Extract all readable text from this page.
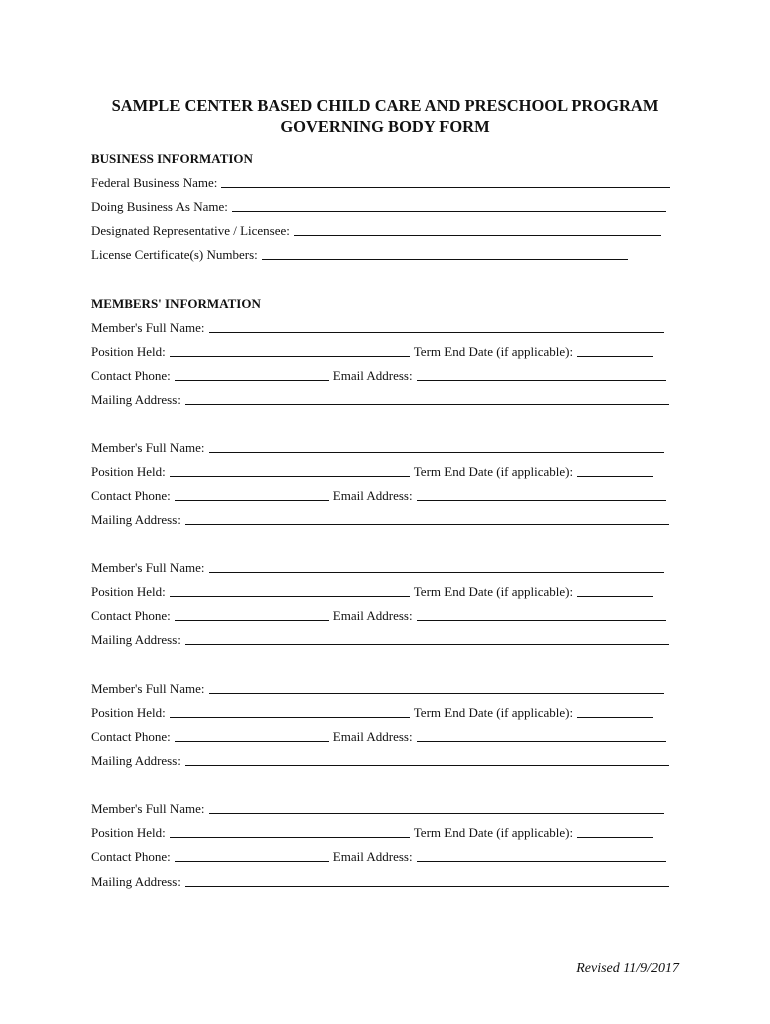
SAMPLE CENTER BASED CHILD CARE AND PRESCHOOL PROGRAM
GOVERNING BODY FORM
BUSINESS INFORMATION
Federal Business Name:
Doing Business As Name:
Designated Representative / Licensee:
License Certificate(s) Numbers:
MEMBERS' INFORMATION
Member's Full Name:
Position Held:	Term End Date (if applicable):
Contact Phone:	Email Address:
Mailing Address:
Member's Full Name:
Position Held:	Term End Date (if applicable):
Contact Phone:	Email Address:
Mailing Address:
Member's Full Name:
Position Held:	Term End Date (if applicable):
Contact Phone:	Email Address:
Mailing Address:
Member's Full Name:
Position Held:	Term End Date (if applicable):
Contact Phone:	Email Address:
Mailing Address:
Member's Full Name:
Position Held:	Term End Date (if applicable):
Contact Phone:	Email Address:
Mailing Address:
Revised 11/9/2017
